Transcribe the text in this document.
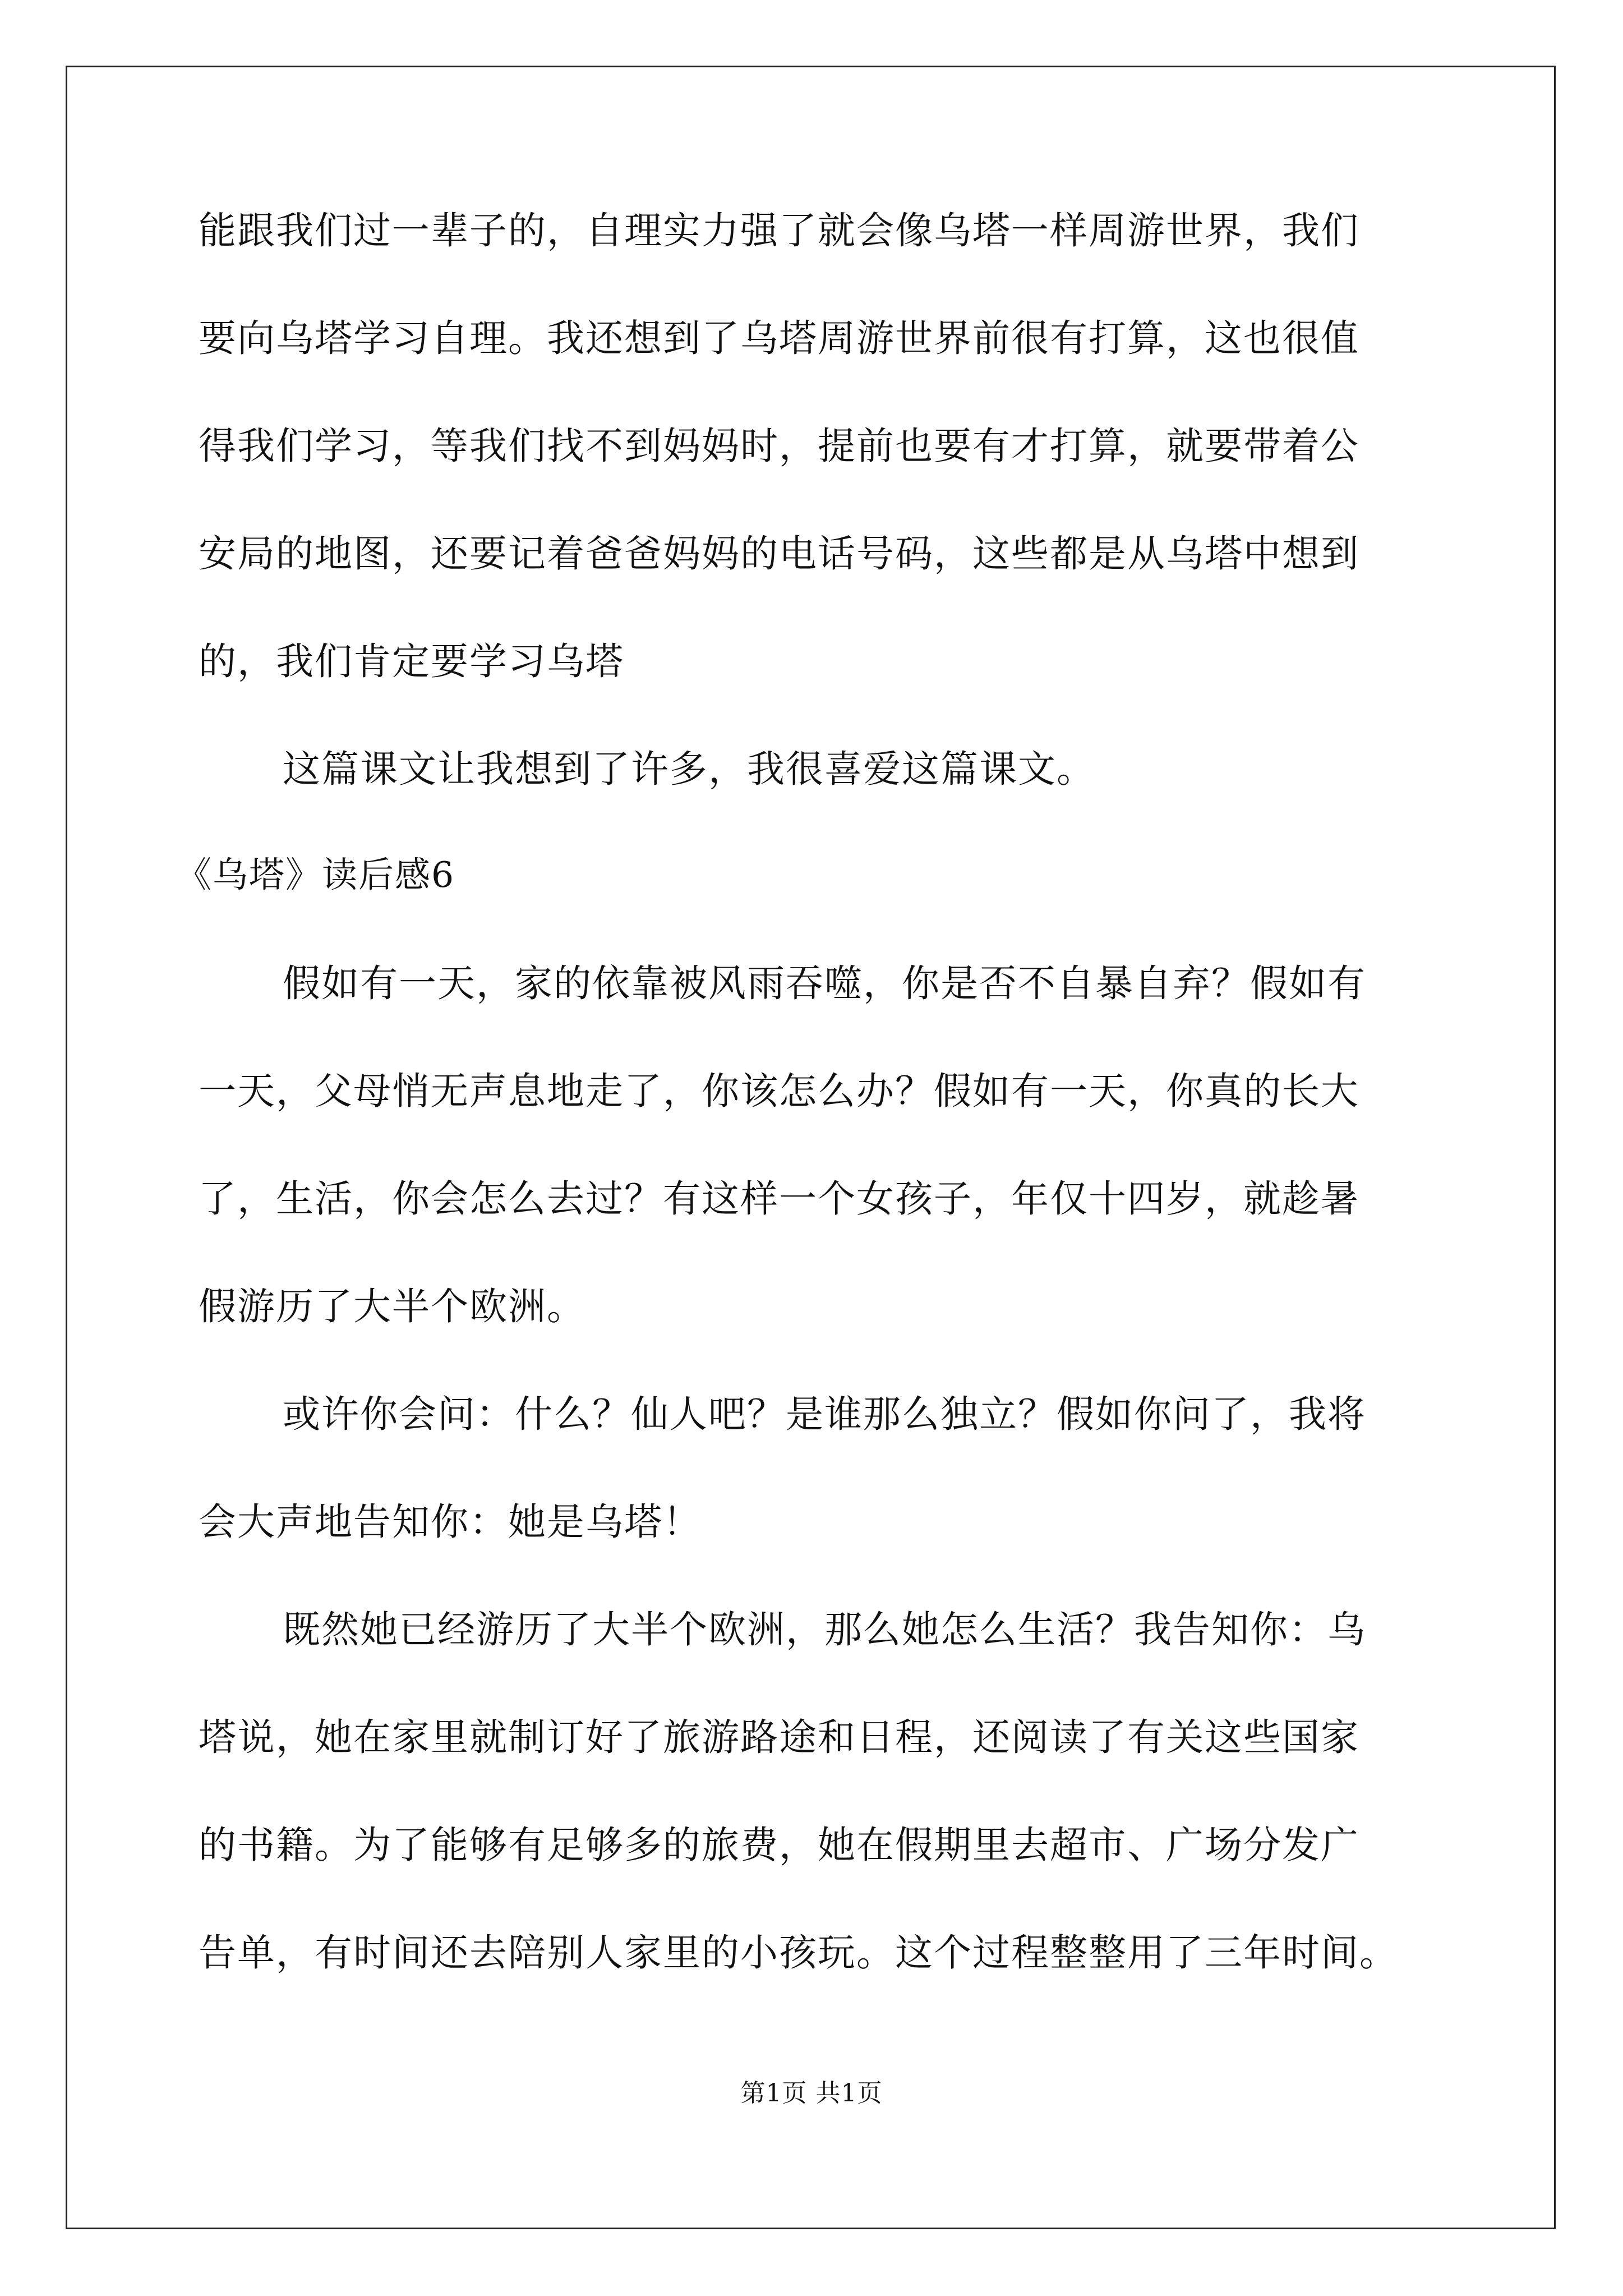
能跟我们过一辈子的，自理实力强了就会像乌塔一样周游世界，我们
要向乌塔学习自理。我还想到了乌塔周游世界前很有打算，这也很值
得我们学习，等我们找不到妈妈时，提前也要有才打算，就要带着公
安局的地图，还要记着爸爸妈妈的电话号码，这些都是从乌塔中想到
的，我们肯定要学习乌塔
这篇课文让我想到了许多，我很喜爱这篇课文。
《乌塔》读后感6
假如有一天，家的依靠被风雨吞噬，你是否不自暴自弃？假如有
一天，父母悄无声息地走了，你该怎么办？假如有一天，你真的长大
了，生活，你会怎么去过？有这样一个女孩子，年仅十四岁，就趁暑
假游历了大半个欧洲。
或许你会问：什么？仙人吧？是谁那么独立？假如你问了，我将
会大声地告知你：她是乌塔！
既然她已经游历了大半个欧洲，那么她怎么生活？我告知你：乌
塔说，她在家里就制订好了旅游路途和日程，还阅读了有关这些国家
的书籍。为了能够有足够多的旅费，她在假期里去超市、广场分发广
告单，有时间还去陪别人家里的小孩玩。这个过程整整用了三年时间。
第1页 共1页
